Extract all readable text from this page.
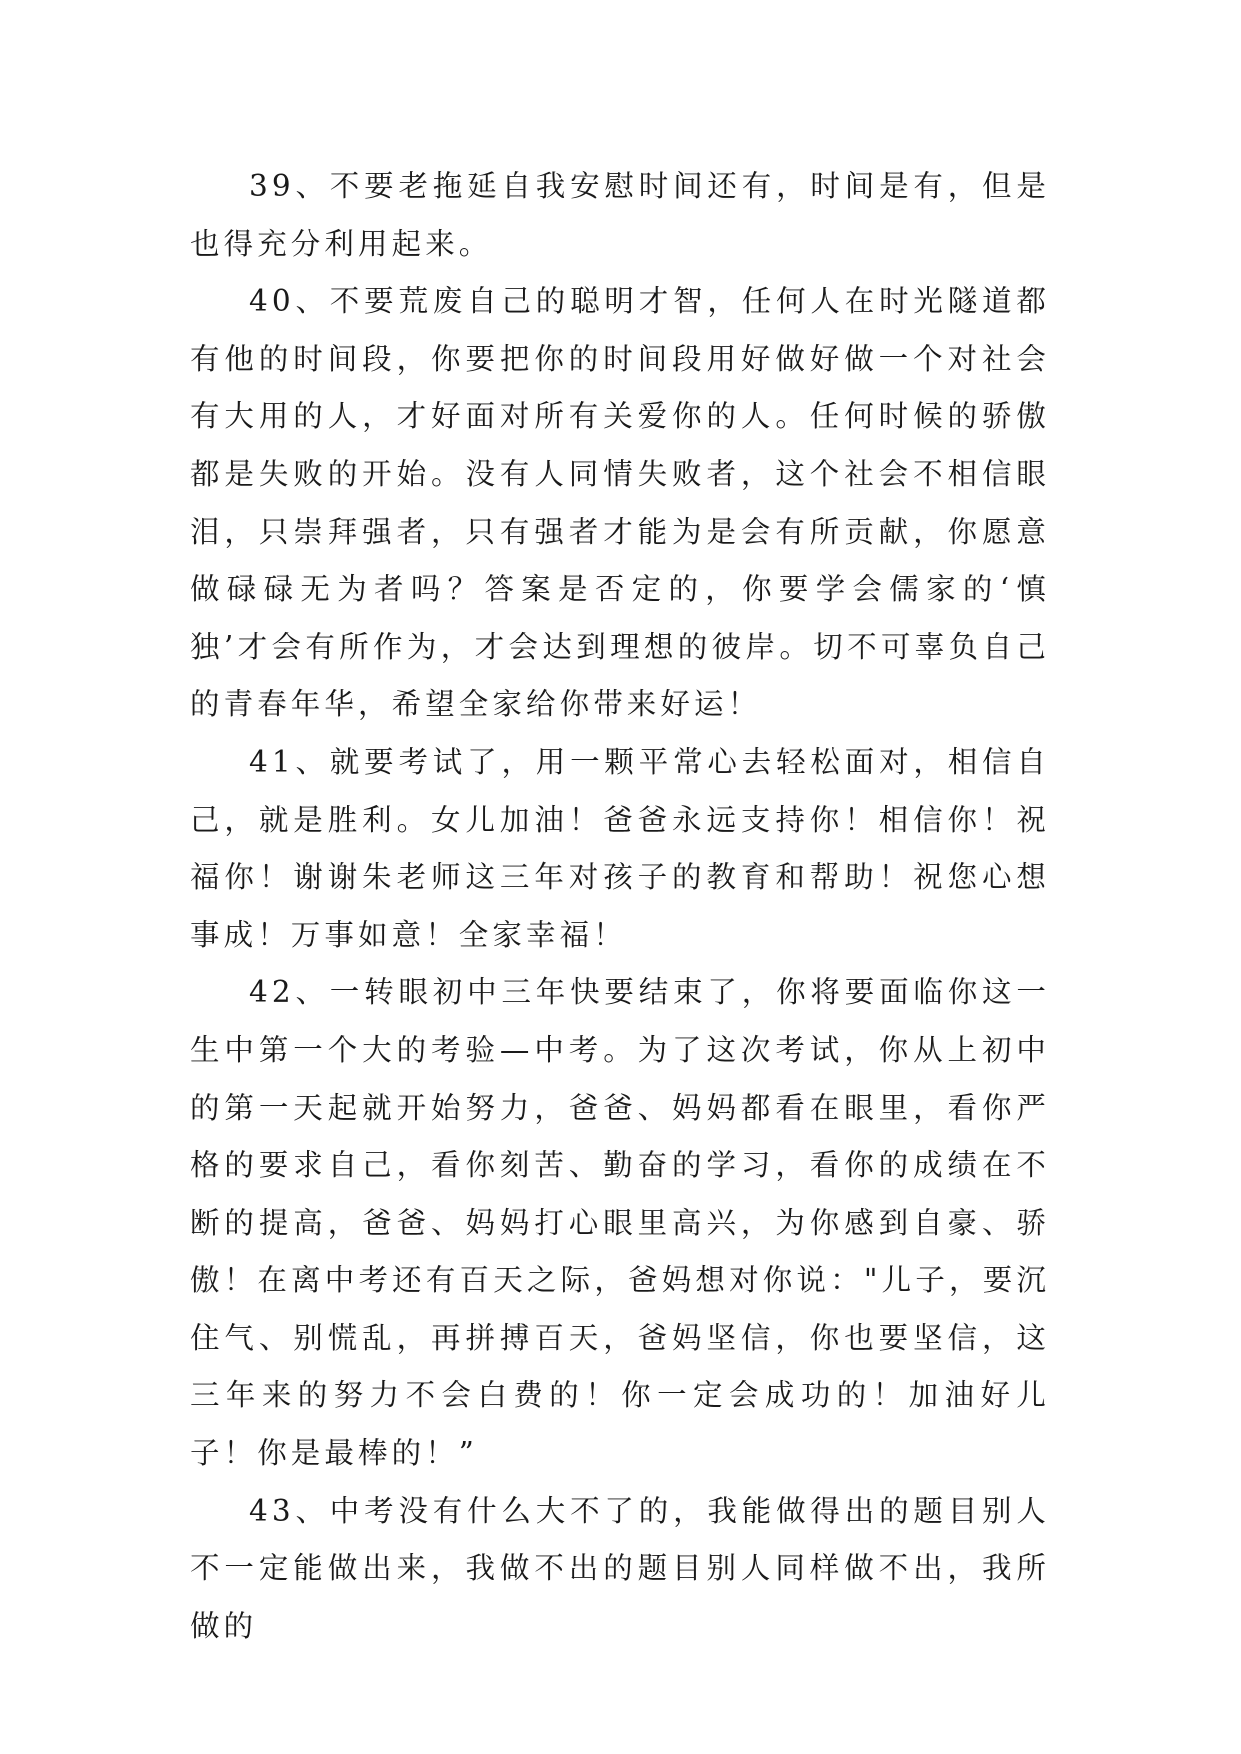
39、不要老拖延自我安慰时间还有，时间是有，但是也得充分利用起来。

40、不要荒废自己的聪明才智，任何人在时光隧道都有他的时间段，你要把你的时间段用好做好做一个对社会有大用的人，才好面对所有关爱你的人。任何时候的骄傲都是失败的开始。没有人同情失败者，这个社会不相信眼泪，只崇拜强者，只有强者才能为是会有所贡献，你愿意做碌碌无为者吗？答案是否定的，你要学会儒家的‘慎独’才会有所作为，才会达到理想的彼岸。切不可辜负自己的青春年华，希望全家给你带来好运！

41、就要考试了，用一颗平常心去轻松面对，相信自己，就是胜利。女儿加油！爸爸永远支持你！相信你！祝福你！谢谢朱老师这三年对孩子的教育和帮助！祝您心想事成！万事如意！全家幸福！

42、一转眼初中三年快要结束了，你将要面临你这一生中第一个大的考验—中考。为了这次考试，你从上初中的第一天起就开始努力，爸爸、妈妈都看在眼里，看你严格的要求自己，看你刻苦、勤奋的学习，看你的成绩在不断的提高，爸爸、妈妈打心眼里高兴，为你感到自豪、骄傲！在离中考还有百天之际，爸妈想对你说："儿子，要沉住气、别慌乱，再拼搏百天，爸妈坚信，你也要坚信，这三年来的努力不会白费的！你一定会成功的！加油好儿子！你是最棒的！”

43、中考没有什么大不了的，我能做得出的题目别人不一定能做出来，我做不出的题目别人同样做不出，我所做的
